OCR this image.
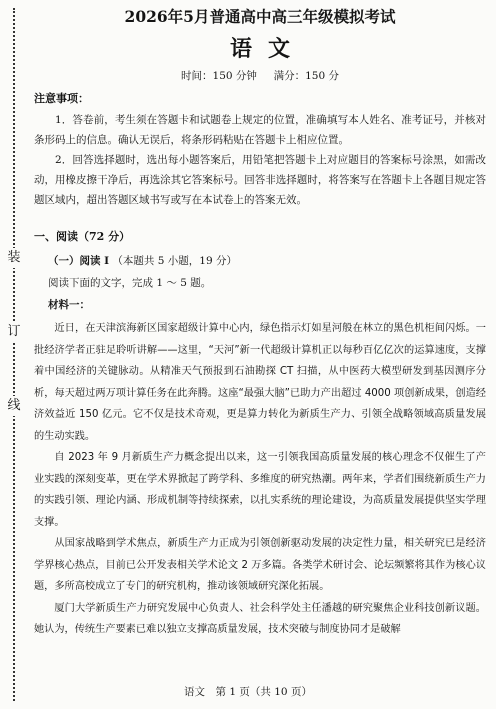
装
订
线
2026年5月普通高中高三年级模拟考试
语文
时间：150 分钟 满分：150 分
注意事项：

1．答卷前，考生须在答题卡和试题卷上规定的位置，准确填写本人姓名、准考证号，并核对条形码上的信息。确认无误后，将条形码粘贴在答题卡上相应位置。

2．回答选择题时，选出每小题答案后，用铅笔把答题卡上对应题目的答案标号涂黑，如需改动，用橡皮擦干净后，再选涂其它答案标号。回答非选择题时，将答案写在答题卡上各题目规定答题区域内，超出答题区域书写或写在本试卷上的答案无效。

一、阅读（72 分）
（一）阅读 I （本题共 5 小题，19 分）
阅读下面的文字，完成 1 ～ 5 题。
材料一：

近日，在天津滨海新区国家超级计算中心内，绿色指示灯如星河般在林立的黑色机柜间闪烁。一批经济学者正驻足聆听讲解——这里，“天河”新一代超级计算机正以每秒百亿亿次的运算速度，支撑着中国经济的关键脉动。从精准天气预报到石油勘探 CT 扫描，从中医药大模型研发到基因测序分析，每天超过两万项计算任务在此奔腾。这座“最强大脑”已助力产出超过 4000 项创新成果，创造经济效益近 150 亿元。它不仅是技术奇观，更是算力转化为新质生产力、引领全战略领域高质量发展的生动实践。

自 2023 年 9 月新质生产力概念提出以来，这一引领我国高质量发展的核心理念不仅催生了产业实践的深刻变革，更在学术界掀起了跨学科、多维度的研究热潮。两年来，学者们围绕新质生产力的实践引领、理论内涵、形成机制等持续探索，以扎实系统的理论建设，为高质量发展提供坚实学理支撑。

从国家战略到学术焦点，新质生产力正成为引领创新驱动发展的决定性力量，相关研究已是经济学界核心热点，目前已公开发表相关学术论文 2 万多篇。各类学术研讨会、论坛频繁将其作为核心议题，多所高校成立了专门的研究机构，推动该领域研究深化拓展。

厦门大学新质生产力研究发展中心负责人、社会科学处主任潘越的研究聚焦企业科技创新议题。她认为，传统生产要素已难以独立支撑高质量发展，技术突破与制度协同才是破解

语文　第 1 页（共 10 页）
